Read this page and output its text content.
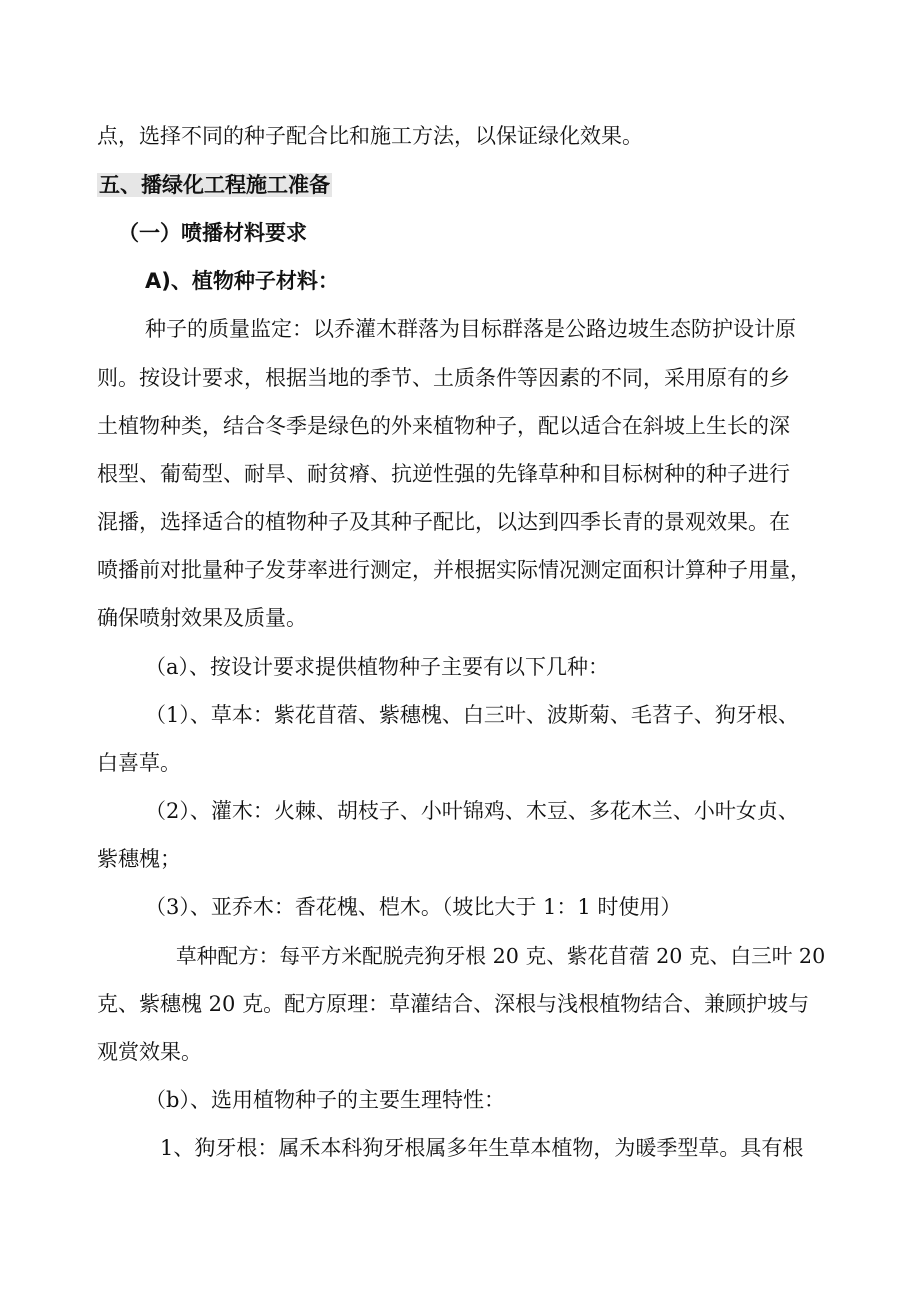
点，选择不同的种子配合比和施工方法，以保证绿化效果。
五、播绿化工程施工准备
（一）喷播材料要求
A)、植物种子材料：
种子的质量监定：以乔灌木群落为目标群落是公路边坡生态防护设计原
则。按设计要求，根据当地的季节、土质条件等因素的不同，采用原有的乡
土植物种类，结合冬季是绿色的外来植物种子，配以适合在斜坡上生长的深
根型、葡萄型、耐旱、耐贫瘠、抗逆性强的先锋草种和目标树种的种子进行
混播，选择适合的植物种子及其种子配比，以达到四季长青的景观效果。在
喷播前对批量种子发芽率进行测定，并根据实际情况测定面积计算种子用量，
确保喷射效果及质量。
（a）、按设计要求提供植物种子主要有以下几种：
（1）、草本：紫花苜蓿、紫穗槐、白三叶、波斯菊、毛苕子、狗牙根、
白喜草。
（2）、灌木：火棘、胡枝子、小叶锦鸡、木豆、多花木兰、小叶女贞、
紫穗槐；
（3）、亚乔木：香花槐、桤木。（坡比大于 1：1 时使用）
草种配方：每平方米配脱壳狗牙根 20 克、紫花苜蓿 20 克、白三叶 20
克、紫穗槐 20 克。配方原理：草灌结合、深根与浅根植物结合、兼顾护坡与
观赏效果。
（b）、选用植物种子的主要生理特性：
1、狗牙根：属禾本科狗牙根属多年生草本植物，为暖季型草。具有根
